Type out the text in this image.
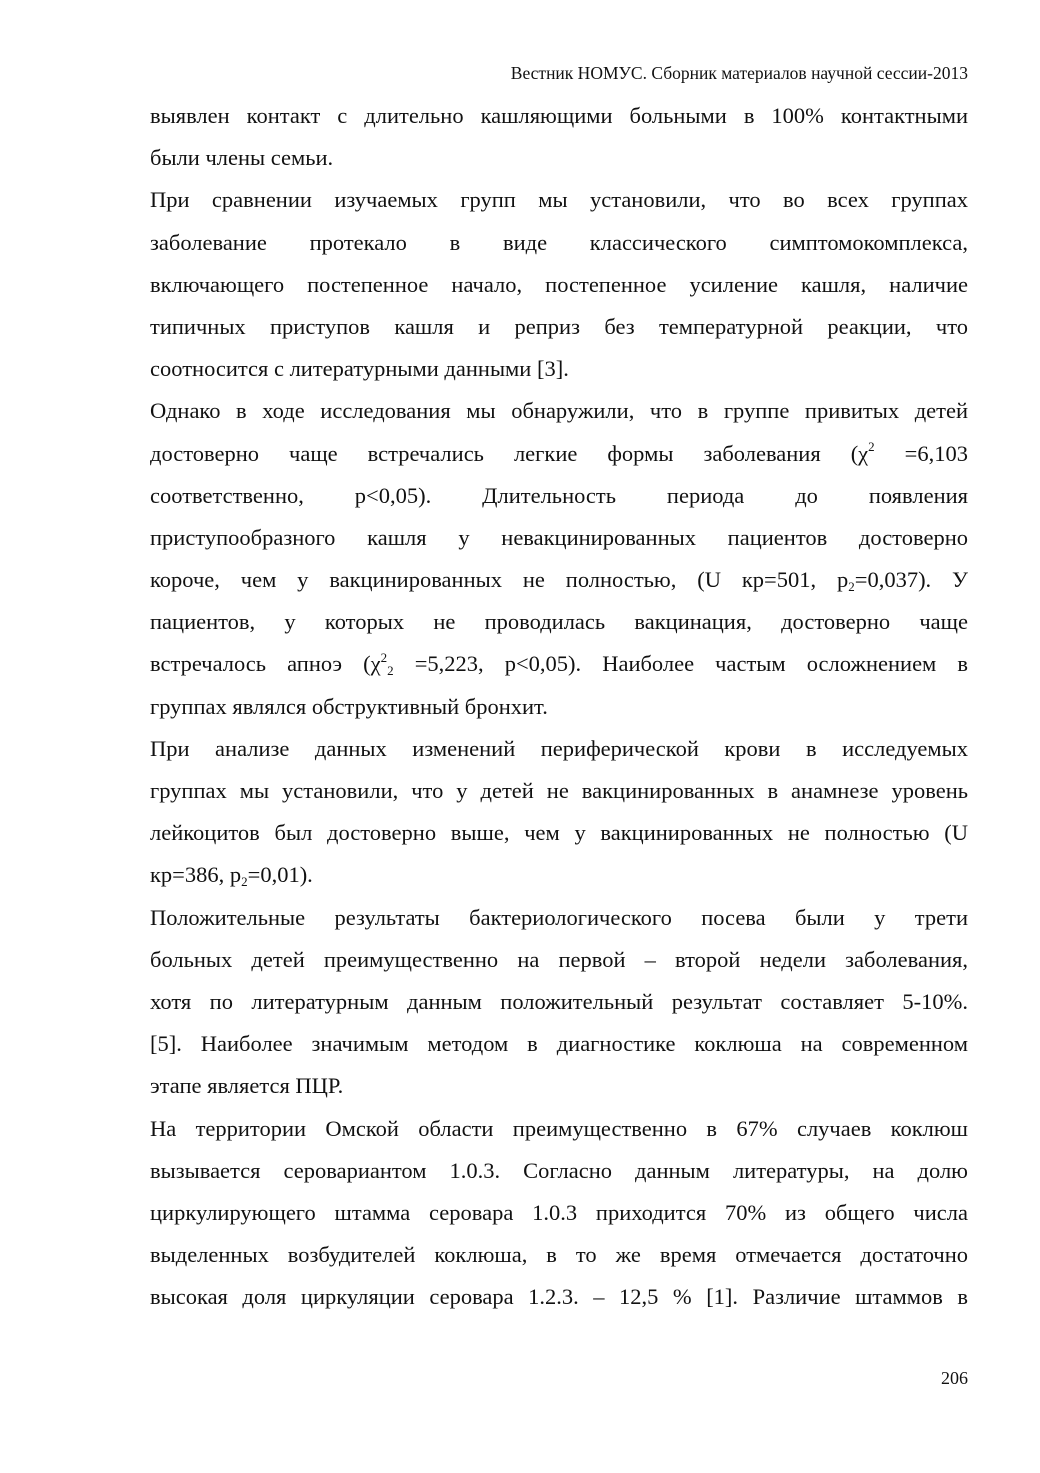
Вестник НОМУС. Сборник материалов научной сессии-2013
выявлен контакт с длительно кашляющими больными в 100% контактными
были члены семьи.
При сравнении изучаемых групп мы установили, что во всех группах
заболевание протекало в виде классического симптомокомплекса,
включающего постепенное начало, постепенное усиление кашля, наличие
типичных приступов кашля и реприз без температурной реакции, что
соотносится с литературными данными [3].
Однако в ходе исследования мы обнаружили, что в группе привитых детей
достоверно чаще встречались легкие формы заболевания ($\chi^2 =6,103$
соответственно, p<0,05). Длительность периода до появления
приступообразного кашля у невакцинированных пациентов достоверно
короче, чем у вакцинированных не полностью, (U кр=501, $p_2=0,037$). У
пациентов, у которых не проводилась вакцинация, достоверно чаще
встречалось апноэ ($\chi^2_2 =5,223$, p<0,05). Наиболее частым осложнением в
группах являлся обструктивный бронхит.
При анализе данных изменений периферической крови в исследуемых
группах мы установили, что у детей не вакцинированных в анамнезе уровень
лейкоцитов был достоверно выше, чем у вакцинированных не полностью (U
кр=386, $p_2=0,01$).
Положительные результаты бактериологического посева были у трети
больных детей преимущественно на первой – второй недели заболевания,
хотя по литературным данным положительный результат составляет 5-10%.
[5]. Наиболее значимым методом в диагностике коклюша на современном
этапе является ПЦР.
На территории Омской области преимущественно в 67% случаев коклюш
вызывается серовариантом 1.0.3. Согласно данным литературы, на долю
циркулирующего штамма серовара 1.0.3 приходится 70% из общего числа
выделенных возбудителей коклюша, в то же время отмечается достаточно
высокая доля циркуляции серовара 1.2.3. – 12,5 % [1]. Различие штаммов в
206
